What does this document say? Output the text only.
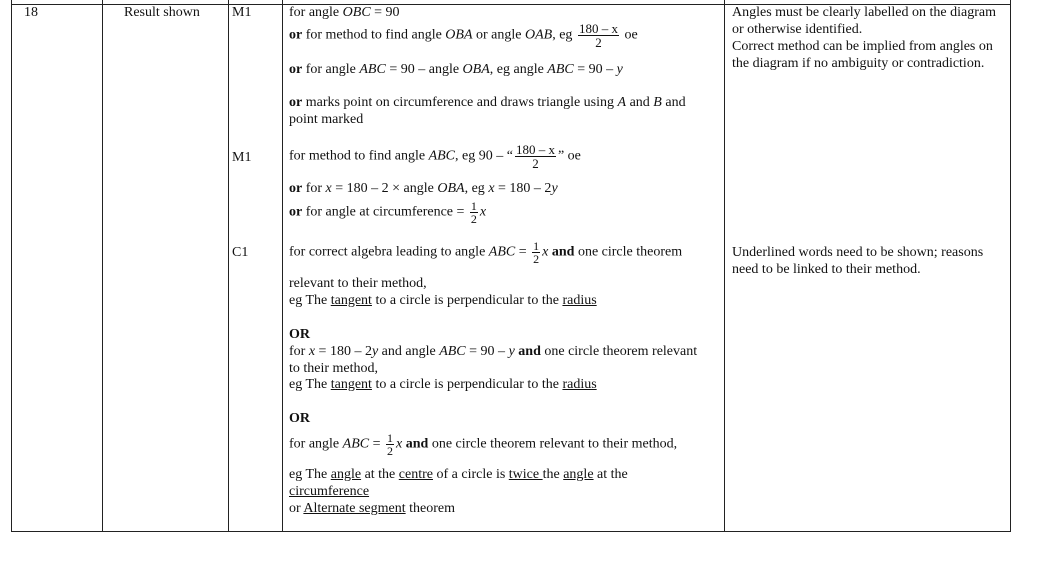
18	Result shown M1
M1
C1
for angle OBC = 90
or for method to find angle OBA or angle OAB, eg $\frac{180 - x}{2}$ oe
or for angle ABC = 90 – angle OBA, eg angle ABC = 90 – y
or marks point on circumference and draws triangle using A and B and
point marked
for method to find angle ABC, eg 90 – “ $\frac{180 - x}{2}$ ” oe
or for x = 180 – 2 × angle OBA, eg x = 180 – 2y
or for angle at circumference = $\frac{1}{2}$ x
for correct algebra leading to angle ABC = $\frac{1}{2}$ x and one circle theorem
relevant to their method,
eg The tangent to a circle is perpendicular to the radius
OR
for x = 180 – 2y and angle ABC = 90 – y and one circle theorem relevant
to their method,
eg The tangent to a circle is perpendicular to the radius
OR
for angle ABC = $\frac{1}{2}$ x and one circle theorem relevant to their method,
eg The angle at the centre of a circle is twice the angle at the
circumference
or Alternate segment theorem
Angles must be clearly labelled on the diagram or otherwise identified.
Correct method can be implied from angles on the diagram if no ambiguity or contradiction.
Underlined words need to be shown; reasons need to be linked to their method.
